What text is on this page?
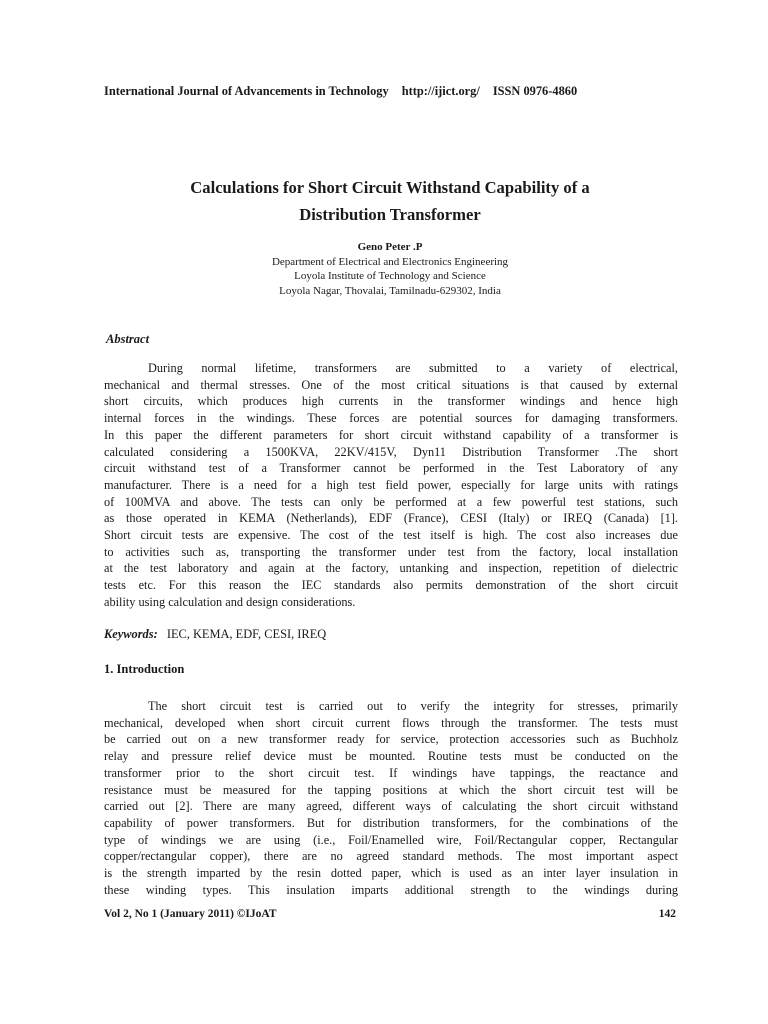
International Journal of Advancements in Technology http://ijict.org/ ISSN 0976-4860
Calculations for Short Circuit Withstand Capability of a
Distribution Transformer
Geno Peter .P
Department of Electrical and Electronics Engineering
Loyola Institute of Technology and Science
Loyola Nagar, Thovalai, Tamilnadu-629302, India
Abstract
During normal lifetime, transformers are submitted to a variety of electrical,
mechanical and thermal stresses. One of the most critical situations is that caused by external
short circuits, which produces high currents in the transformer windings and hence high
internal forces in the windings. These forces are potential sources for damaging transformers.
In this paper the different parameters for short circuit withstand capability of a transformer is
calculated considering a 1500KVA, 22KV/415V, Dyn11 Distribution Transformer .The short
circuit withstand test of a Transformer cannot be performed in the Test Laboratory of any
manufacturer. There is a need for a high test field power, especially for large units with ratings
of 100MVA and above. The tests can only be performed at a few powerful test stations, such
as those operated in KEMA (Netherlands), EDF (France), CESI (Italy) or IREQ (Canada) [1].
Short circuit tests are expensive. The cost of the test itself is high. The cost also increases due
to activities such as, transporting the transformer under test from the factory, local installation
at the test laboratory and again at the factory, untanking and inspection, repetition of dielectric
tests etc. For this reason the IEC standards also permits demonstration of the short circuit
ability using calculation and design considerations.
Keywords: IEC, KEMA, EDF, CESI, IREQ
1. Introduction
The short circuit test is carried out to verify the integrity for stresses, primarily
mechanical, developed when short circuit current flows through the transformer. The tests must
be carried out on a new transformer ready for service, protection accessories such as Buchholz
relay and pressure relief device must be mounted. Routine tests must be conducted on the
transformer prior to the short circuit test. If windings have tappings, the reactance and
resistance must be measured for the tapping positions at which the short circuit test will be
carried out [2]. There are many agreed, different ways of calculating the short circuit withstand
capability of power transformers. But for distribution transformers, for the combinations of the
type of windings we are using (i.e., Foil/Enamelled wire, Foil/Rectangular copper, Rectangular
copper/rectangular copper), there are no agreed standard methods. The most important aspect
is the strength imparted by the resin dotted paper, which is used as an inter layer insulation in
these winding types. This insulation imparts additional strength to the windings during
Vol 2, No 1 (January 2011) ©IJoAT	142
